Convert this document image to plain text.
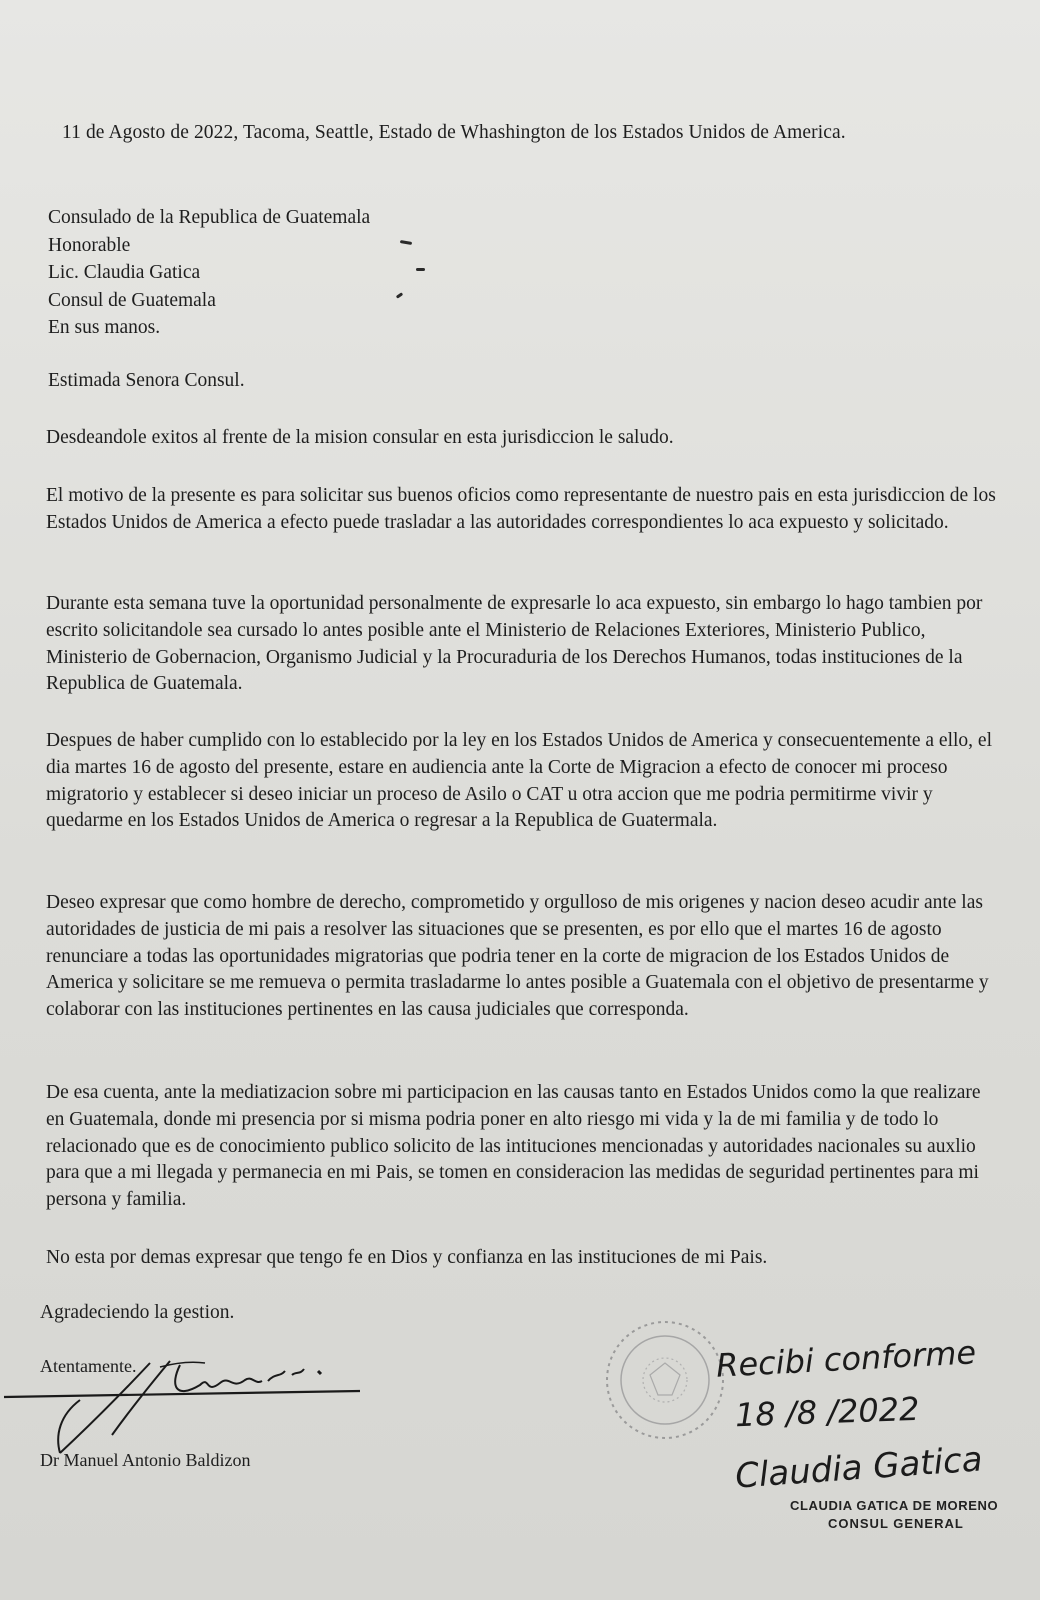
11 de Agosto de 2022, Tacoma, Seattle, Estado de Whashington de los Estados Unidos de America.
Consulado de la Republica de Guatemala
Honorable
Lic. Claudia Gatica
Consul de Guatemala
En sus manos.
Estimada Senora Consul.
Desdeandole exitos al frente de la mision consular en esta jurisdiccion le saludo.
El motivo de la presente es para solicitar sus buenos oficios como representante de nuestro pais en esta jurisdiccion de los Estados Unidos de America a efecto puede trasladar a las autoridades correspondientes lo aca expuesto y solicitado.
Durante esta semana tuve la oportunidad personalmente de expresarle lo aca expuesto, sin embargo lo hago tambien por escrito solicitandole sea cursado lo antes posible ante el Ministerio de Relaciones Exteriores, Ministerio Publico, Ministerio de Gobernacion, Organismo Judicial y la Procuraduria de los Derechos Humanos, todas instituciones de la Republica de Guatemala.
Despues de haber cumplido con lo establecido por la ley en los Estados Unidos de America y consecuentemente a ello, el dia martes 16 de agosto del presente, estare en audiencia ante la Corte de Migracion a efecto de conocer mi proceso migratorio y establecer si deseo iniciar un proceso de Asilo o CAT u otra accion que me podria permitirme vivir y quedarme en los Estados Unidos de America o regresar a la Republica de Guatermala.
Deseo expresar que como hombre de derecho, comprometido y orgulloso de mis origenes y nacion deseo acudir ante las autoridades de justicia de mi pais a resolver las situaciones que se presenten, es por ello que el martes 16 de agosto renunciare a todas las oportunidades migratorias que podria tener en la corte de migracion de los Estados Unidos de America y solicitare se me remueva o permita trasladarme lo antes posible a Guatemala con el objetivo de presentarme y colaborar con las instituciones pertinentes en las causa judiciales que corresponda.
De esa cuenta, ante la mediatizacion sobre mi participacion en las causas tanto en Estados Unidos como la que realizare en Guatemala, donde mi presencia por si misma podria poner en alto riesgo mi vida y la de mi familia y de todo lo relacionado que es de conocimiento publico solicito de las intituciones mencionadas y autoridades nacionales su auxlio para que a mi llegada y permanecia en mi Pais, se tomen en consideracion las medidas de seguridad pertinentes para mi persona y familia.
No esta por demas expresar que tengo fe en Dios y confianza en las instituciones de mi Pais.
Agradeciendo la gestion.
Atentamente.
Dr Manuel Antonio Baldizon
Recibi conforme
18 /8 /2022
Claudia Gatica
CLAUDIA GATICA DE MORENO
CONSUL GENERAL
